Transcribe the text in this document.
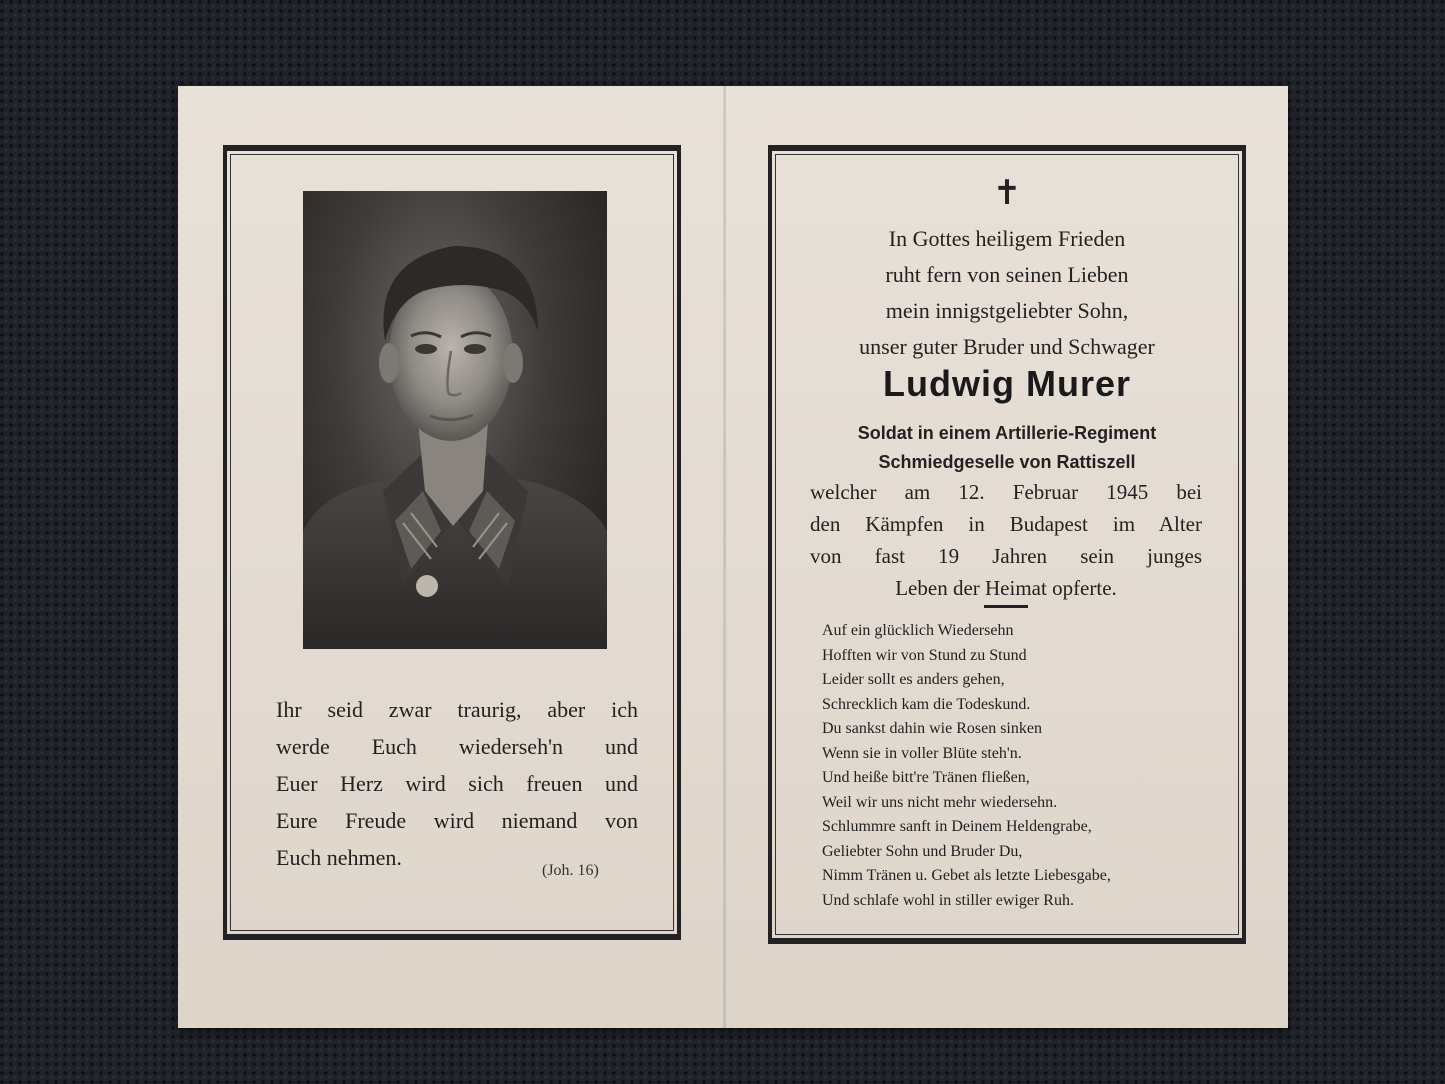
Ihr seid zwar traurig, aber ich
werde Euch wiederseh'n und
Euer Herz wird sich freuen und
Eure Freude wird niemand von
Euch nehmen.
(Joh. 16)
✝
In Gottes heiligem Frieden
ruht fern von seinen Lieben
mein innigstgeliebter Sohn,
unser guter Bruder und Schwager
Ludwig Murer
Soldat in einem Artillerie-Regiment
Schmiedgeselle von Rattiszell
welcher am 12. Februar 1945 bei
den Kämpfen in Budapest im Alter
von fast 19 Jahren sein junges
Leben der Heimat opferte.
Auf ein glücklich Wiedersehn
Hofften wir von Stund zu Stund
Leider sollt es anders gehen,
Schrecklich kam die Todeskund.
Du sankst dahin wie Rosen sinken
Wenn sie in voller Blüte steh'n.
Und heiße bitt're Tränen fließen,
Weil wir uns nicht mehr wiedersehn.
Schlummre sanft in Deinem Heldengrabe,
Geliebter Sohn und Bruder Du,
Nimm Tränen u. Gebet als letzte Liebesgabe,
Und schlafe wohl in stiller ewiger Ruh.
